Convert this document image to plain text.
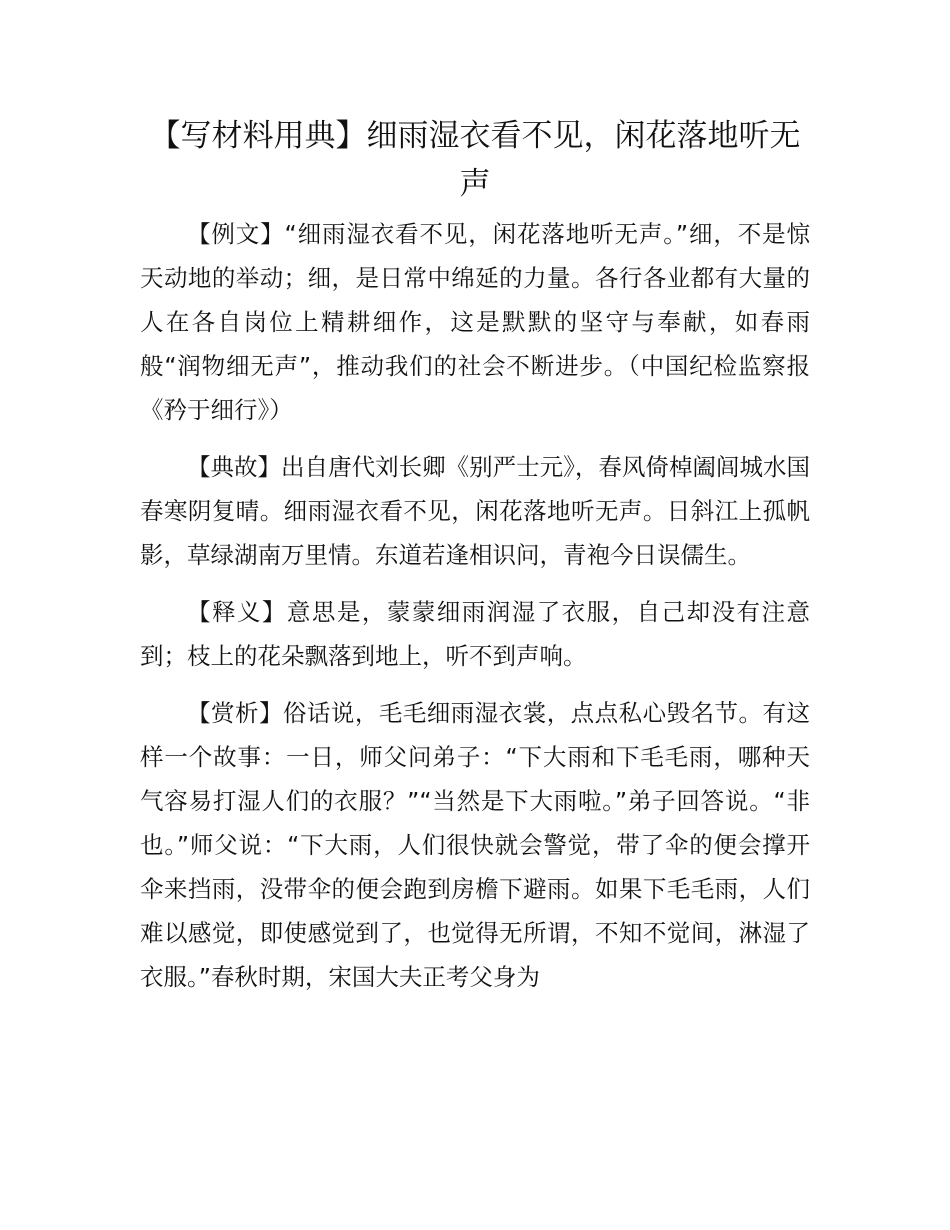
【写材料用典】细雨湿衣看不见，闲花落地听无声

【例文】“细雨湿衣看不见，闲花落地听无声。”细，不是惊天动地的举动；细，是日常中绵延的力量。各行各业都有大量的人在各自岗位上精耕细作，这是默默的坚守与奉献，如春雨般“润物细无声”，推动我们的社会不断进步。（中国纪检监察报《矜于细行》）

【典故】出自唐代刘长卿《别严士元》，春风倚棹阖闾城水国春寒阴复晴。细雨湿衣看不见，闲花落地听无声。日斜江上孤帆影，草绿湖南万里情。东道若逢相识问，青袍今日误儒生。

【释义】意思是，蒙蒙细雨润湿了衣服，自己却没有注意到；枝上的花朵飘落到地上，听不到声响。

【赏析】俗话说，毛毛细雨湿衣裳，点点私心毁名节。有这样一个故事：一日，师父问弟子：“下大雨和下毛毛雨，哪种天气容易打湿人们的衣服？”“当然是下大雨啦。”弟子回答说。“非也。”师父说：“下大雨，人们很快就会警觉，带了伞的便会撑开伞来挡雨，没带伞的便会跑到房檐下避雨。如果下毛毛雨，人们难以感觉，即使感觉到了，也觉得无所谓，不知不觉间，淋湿了衣服。”春秋时期，宋国大夫正考父身为
